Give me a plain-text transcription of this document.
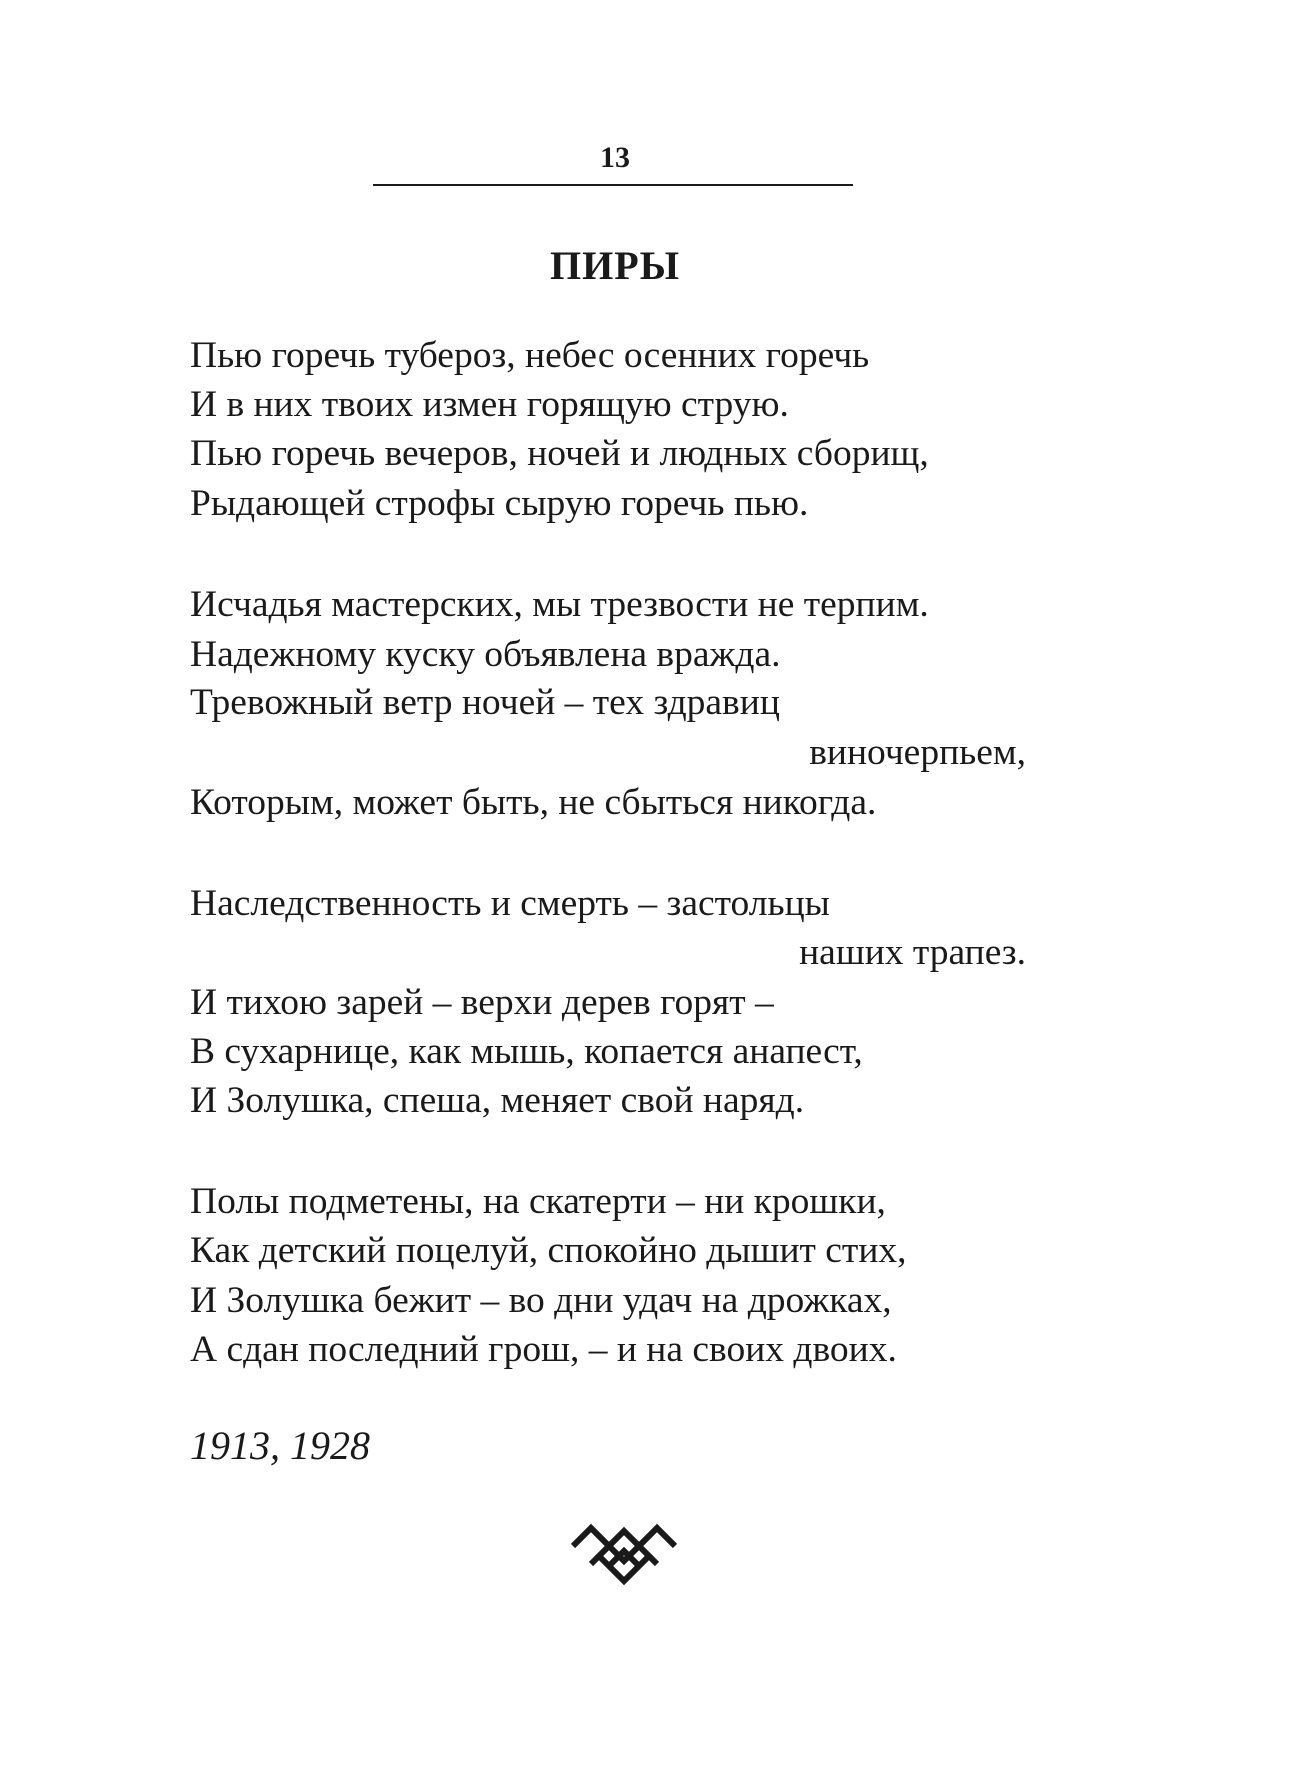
13
ПИРЫ
Пью горечь тубероз, небес осенних горечь
И в них твоих измен горящую струю.
Пью горечь вечеров, ночей и людных сборищ,
Рыдающей строфы сырую горечь пью.
Исчадья мастерских, мы трезвости не терпим.
Надежному куску объявлена вражда.
Тревожный ветр ночей – тех здравиц
виночерпьем,
Которым, может быть, не сбыться никогда.
Наследственность и смерть – застольцы
наших трапез.
И тихою зарей – верхи дерев горят –
В сухарнице, как мышь, копается анапест,
И Золушка, спеша, меняет свой наряд.
Полы подметены, на скатерти – ни крошки,
Как детский поцелуй, спокойно дышит стих,
И Золушка бежит – во дни удач на дрожках,
А сдан последний грош, – и на своих двоих.
1913, 1928
